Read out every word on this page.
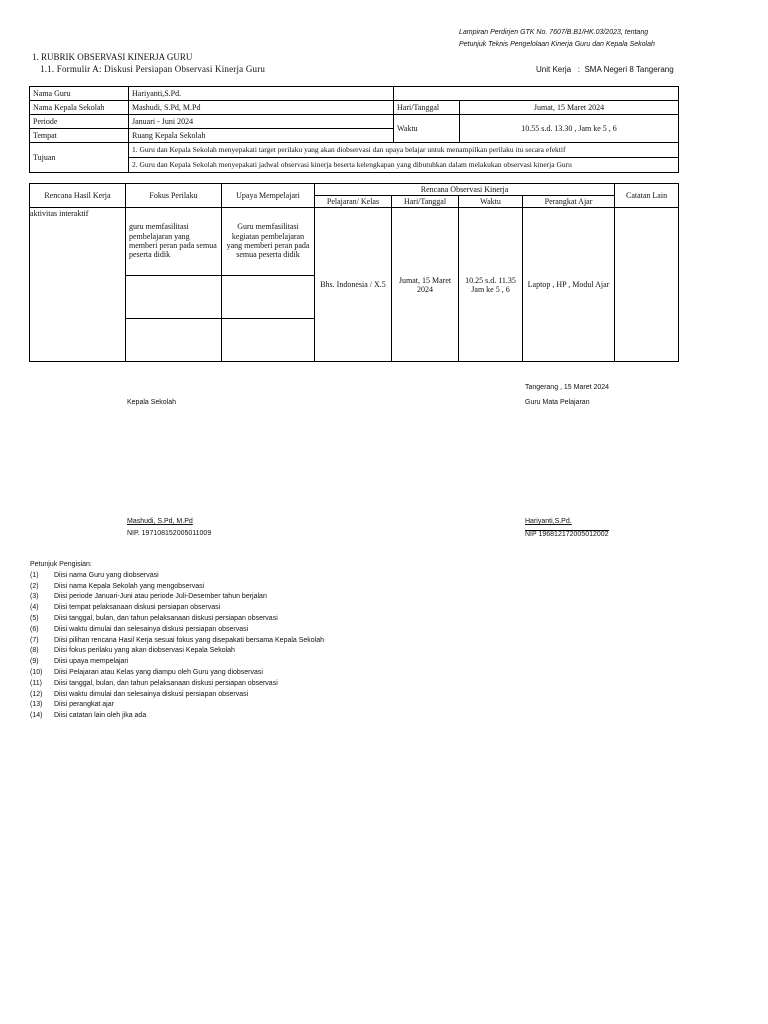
Lampiran Perdirjen GTK No. 7607/B.B1/HK.03/2023, tentang
Petunjuk Teknis Pengelolaan Kinerja Guru dan Kepala Sekolah
1. RUBRIK OBSERVASI KINERJA GURU
1.1. Formulir A: Diskusi Persiapan Observasi Kinerja Guru	Unit Kerja   :  SMA Negeri 8 Tangerang
Nama Guru	Hariyanti,S.Pd.		
Nama Kepala Sekolah	Mashudi, S.Pd, M.Pd	Hari/Tanggal	Jumat, 15 Maret 2024
Periode	Januari - Juni 2024	Waktu	10.55 s.d. 13.30 , Jam ke 5 , 6
Tempat	Ruang Kepala Sekolah		
Tujuan	1. Guru dan Kepala Sekolah menyepakati target perilaku yang akan diobservasi dan upaya belajar untuk menampilkan perilaku itu secara efektif		
	2. Guru dan Kepala Sekolah menyepakati jadwal observasi kinerja beserta kelengkapan yang dibutuhkan dalam melakukan observasi kinerja Guru		
Rencana Hasil Kerja	Fokus Perilaku	Upaya Mempelajari	Rencana Observasi Kinerja				Catatan Lain
			Pelajaran/ Kelas	Hari/Tanggal	Waktu	Perangkat Ajar	
aktivitas interaktif	guru memfasilitasi pembelajaran yang memberi peran pada semua peserta didik	Guru memfasilitasi kegiatan pembelajaran yang memberi peran pada semua peserta didik	Bhs. Indonesia / X.5	Jumat, 15 Maret 2024	10.25 s.d. 11.35 Jam ke 5 , 6	Laptop , HP , Modul Ajar	

Tangerang , 15 Maret 2024
Kepala Sekolah	Guru Mata Pelajaran
Mashudi, S.Pd, M.Pd
NIP. 197108152005011009
Hariyanti,S.Pd.
NIP 196812172005012002
Petunjuk Pengisian:
(1)	Diisi nama Guru yang diobservasi
(2)	Diisi nama Kepala Sekolah yang mengobservasi
(3)	Diisi periode Januari-Juni atau periode Juli-Desember tahun berjalan
(4)	Diisi tempat pelaksanaan diskusi persiapan observasi
(5)	Diisi tanggal, bulan, dan tahun pelaksanaan diskusi persiapan observasi
(6)	Diisi waktu dimulai dan selesainya diskusi persiapan observasi
(7)	Diisi pilihan rencana Hasil Kerja sesuai fokus yang disepakati bersama Kepala Sekolah
(8)	Diisi fokus perilaku yang akan diobservasi Kepala Sekolah
(9)	Diisi upaya mempelajari
(10)	Diisi Pelajaran atau Kelas yang diampu oleh Guru yang diobservasi
(11)	Diisi tanggal, bulan, dan tahun pelaksanaan diskusi persiapan observasi
(12)	Diisi waktu dimulai dan selesainya diskusi persiapan observasi
(13)	Diisi perangkat ajar
(14)	Diisi catatan lain oleh jika ada
